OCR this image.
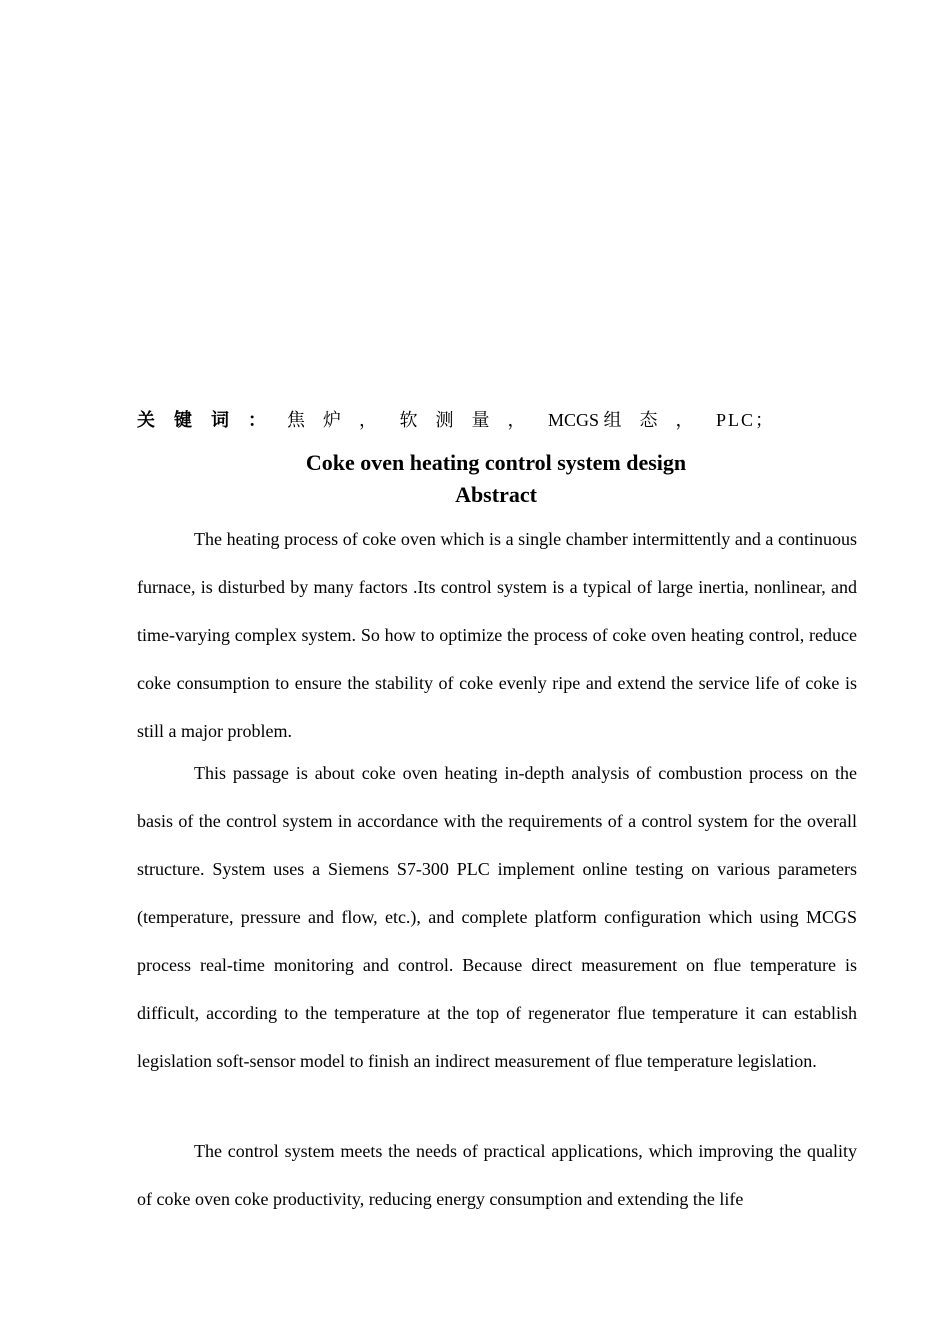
关键词： 焦炉， 软测量， MCGS 组态， PLC；
Coke oven heating control system design
Abstract

The heating process of coke oven which is a single chamber intermittently and a continuous furnace, is disturbed by many factors .Its control system is a typical of large inertia, nonlinear, and time-varying complex system. So how to optimize the process of coke oven heating control, reduce coke consumption to ensure the stability of coke evenly ripe and extend the service life of coke is still a major problem.

This passage is about coke oven heating in-depth analysis of combustion process on the basis of the control system in accordance with the requirements of a control system for the overall structure. System uses a Siemens S7-300 PLC implement online testing on various parameters (temperature, pressure and flow, etc.), and complete platform configuration which using MCGS process real-time monitoring and control. Because direct measurement on flue temperature is difficult, according to the temperature at the top of regenerator flue temperature it can establish legislation soft-sensor model to finish an indirect measurement of flue temperature legislation.

The control system meets the needs of practical applications, which improving the quality of coke oven coke productivity, reducing energy consumption and extending the life
